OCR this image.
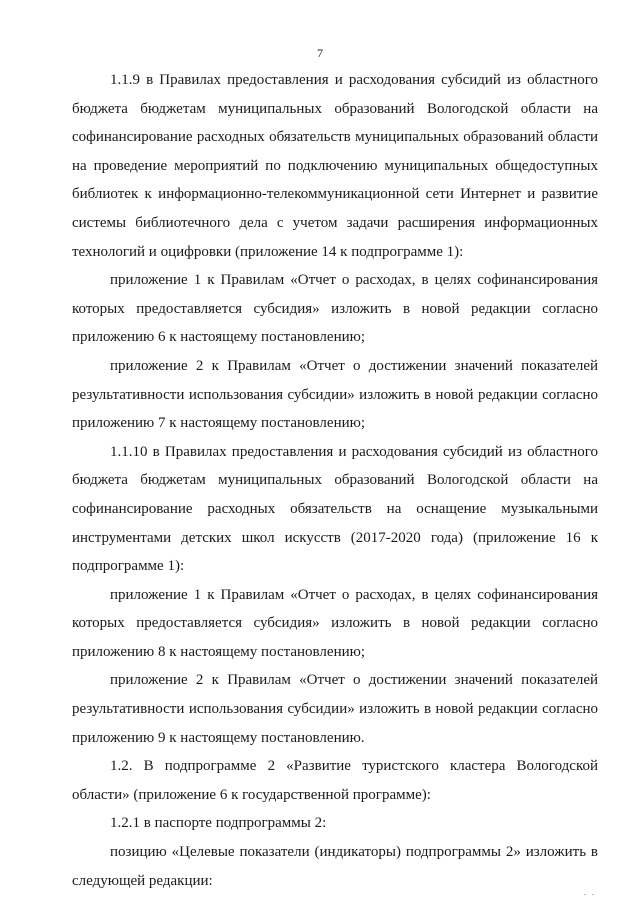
7

1.1.9 в Правилах предоставления и расходования субсидий из областного бюджета бюджетам муниципальных образований Вологодской области на софинансирование расходных обязательств муниципальных образований области на проведение мероприятий по подключению муниципальных общедоступных библиотек к информационно-телекоммуникационной сети Интернет и развитие системы библиотечного дела с учетом задачи расширения информационных технологий и оцифровки (приложение 14 к подпрограмме 1):

приложение 1 к Правилам «Отчет о расходах, в целях софинансирования которых предоставляется субсидия» изложить в новой редакции согласно приложению 6 к настоящему постановлению;

приложение 2 к Правилам «Отчет о достижении значений показателей результативности использования субсидии» изложить в новой редакции согласно приложению 7 к настоящему постановлению;

1.1.10 в Правилах предоставления и расходования субсидий из областного бюджета бюджетам муниципальных образований Вологодской области на софинансирование расходных обязательств на оснащение музыкальными инструментами детских школ искусств (2017-2020 года) (приложение 16 к подпрограмме 1):

приложение 1 к Правилам «Отчет о расходах, в целях софинансирования которых предоставляется субсидия» изложить в новой редакции согласно приложению 8 к настоящему постановлению;

приложение 2 к Правилам «Отчет о достижении значений показателей результативности использования субсидии» изложить в новой редакции согласно приложению 9 к настоящему постановлению.

1.2. В подпрограмме 2 «Развитие туристского кластера Вологодской области» (приложение 6 к государственной программе):

1.2.1 в паспорте подпрограммы 2:

позицию «Целевые показатели (индикаторы) подпрограммы 2» изложить в следующей редакции:

. .
